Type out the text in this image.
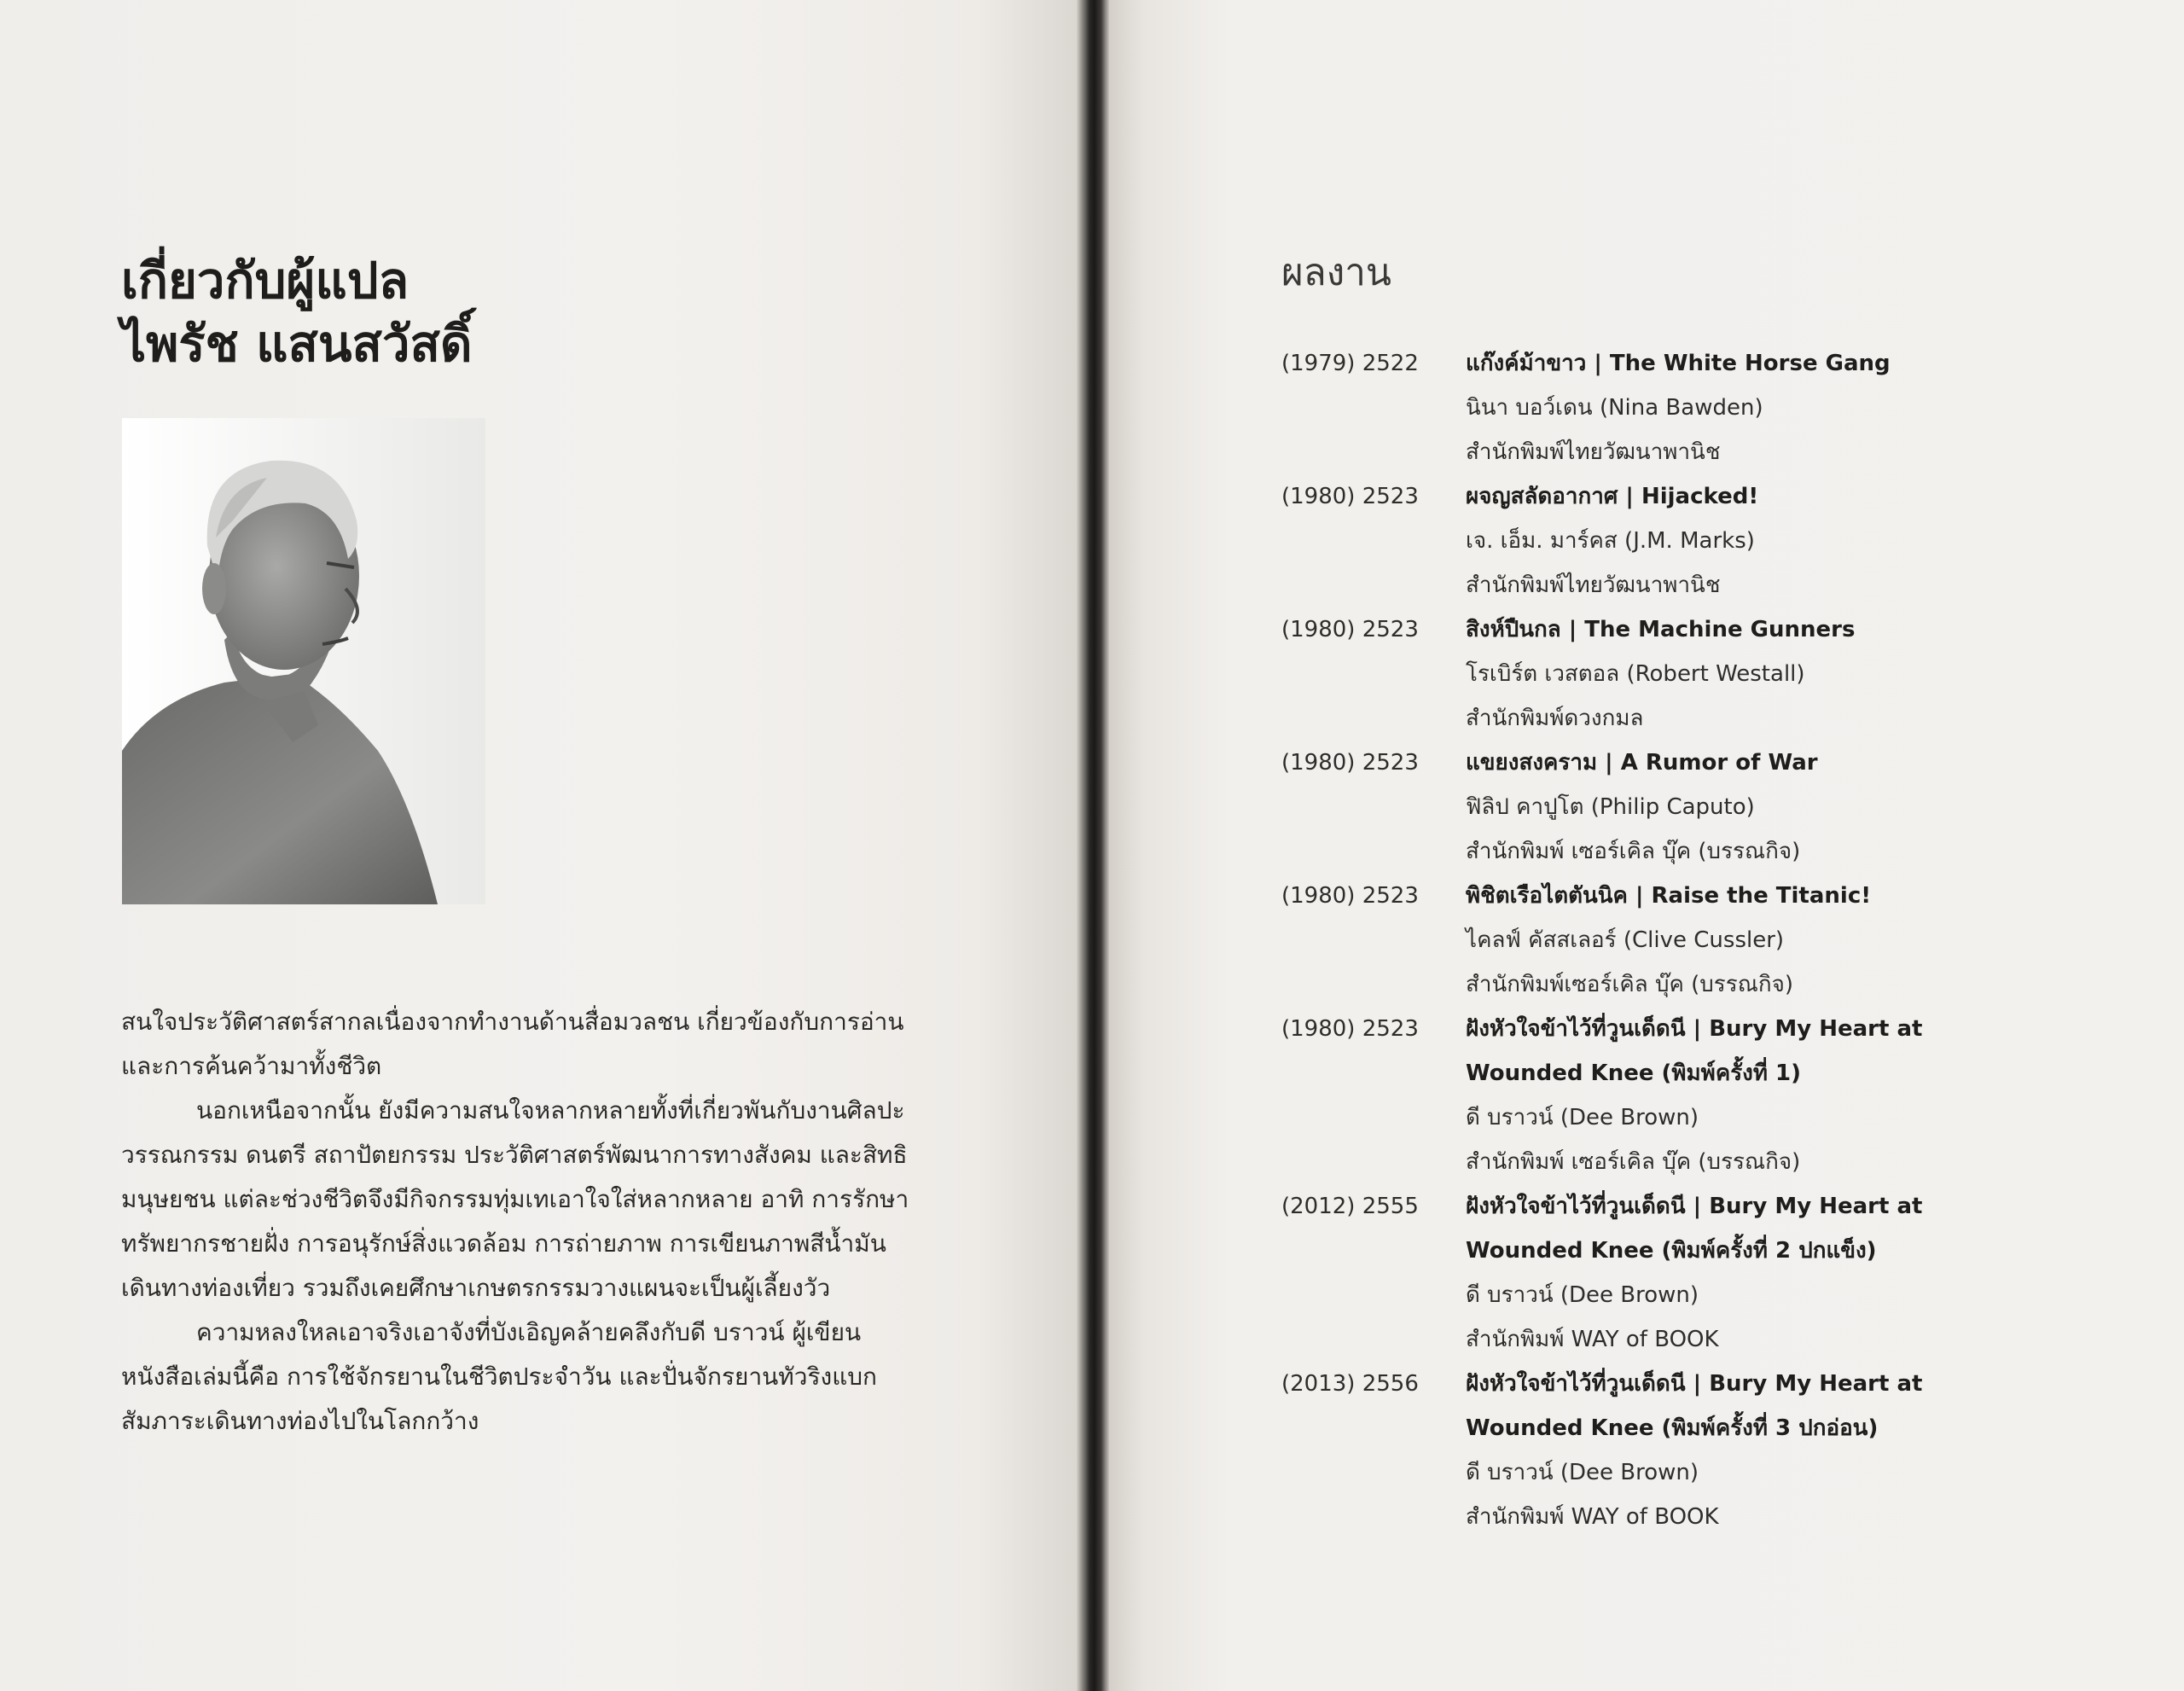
เกี่ยวกับผู้แปล
ไพรัช แสนสวัสดิ์

สนใจประวัติศาสตร์สากลเนื่องจากทำงานด้านสื่อมวลชน เกี่ยวข้องกับการอ่านและการค้นคว้ามาทั้งชีวิต

นอกเหนือจากนั้น ยังมีความสนใจหลากหลายทั้งที่เกี่ยวพันกับงานศิลปะ วรรณกรรม ดนตรี สถาปัตยกรรม ประวัติศาสตร์พัฒนาการทางสังคม และสิทธิมนุษยชน แต่ละช่วงชีวิตจึงมีกิจกรรมทุ่มเทเอาใจใส่หลากหลาย อาทิ การรักษาทรัพยากรชายฝั่ง การอนุรักษ์สิ่งแวดล้อม การถ่ายภาพ การเขียนภาพสีน้ำมัน เดินทางท่องเที่ยว รวมถึงเคยศึกษาเกษตรกรรมวางแผนจะเป็นผู้เลี้ยงวัว

ความหลงใหลเอาจริงเอาจังที่บังเอิญคล้ายคลึงกับดี บราวน์ ผู้เขียนหนังสือเล่มนี้คือ การใช้จักรยานในชีวิตประจำวัน และปั่นจักรยานทัวริงแบกสัมภาระเดินทางท่องไปในโลกกว้าง

ผลงาน
(1979) 2522 แก๊งค์ม้าขาว | The White Horse Gang
นินา บอว์เดน (Nina Bawden)
สำนักพิมพ์ไทยวัฒนาพานิช
(1980) 2523 ผจญสลัดอากาศ | Hijacked!
เจ. เอ็ม. มาร์คส (J.M. Marks)
สำนักพิมพ์ไทยวัฒนาพานิช
(1980) 2523 สิงห์ปืนกล | The Machine Gunners
โรเบิร์ต เวสตอล (Robert Westall)
สำนักพิมพ์ดวงกมล
(1980) 2523 แขยงสงคราม | A Rumor of War
ฟิลิป คาปูโต (Philip Caputo)
สำนักพิมพ์ เซอร์เคิล บุ๊ค (บรรณกิจ)
(1980) 2523 พิชิตเรือไตตันนิค | Raise the Titanic!
ไคลฟ์ คัสสเลอร์ (Clive Cussler)
สำนักพิมพ์เซอร์เคิล บุ๊ค (บรรณกิจ)
(1980) 2523 ฝังหัวใจข้าไว้ที่วูนเด็ดนี | Bury My Heart at Wounded Knee (พิมพ์ครั้งที่ 1)
ดี บราวน์ (Dee Brown)
สำนักพิมพ์ เซอร์เคิล บุ๊ค (บรรณกิจ)
(2012) 2555 ฝังหัวใจข้าไว้ที่วูนเด็ดนี | Bury My Heart at Wounded Knee (พิมพ์ครั้งที่ 2 ปกแข็ง)
ดี บราวน์ (Dee Brown)
สำนักพิมพ์ WAY of BOOK
(2013) 2556 ฝังหัวใจข้าไว้ที่วูนเด็ดนี | Bury My Heart at Wounded Knee (พิมพ์ครั้งที่ 3 ปกอ่อน)
ดี บราวน์ (Dee Brown)
สำนักพิมพ์ WAY of BOOK
